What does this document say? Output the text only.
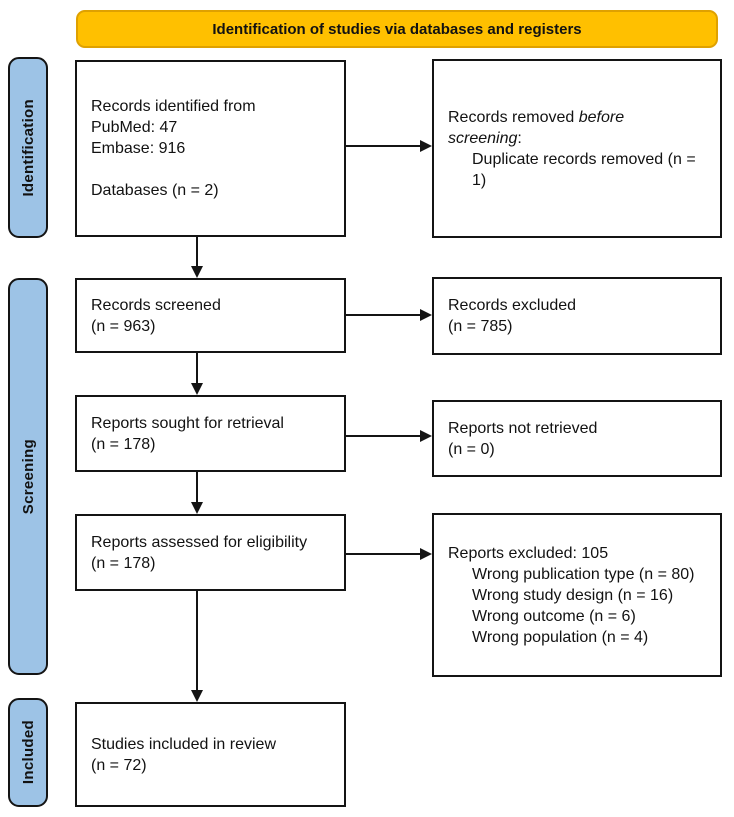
Identification of studies via databases and registers
Identification
Screening
Included
Records identified from
PubMed: 47
Embase: 916
Databases (n = 2)
Records removed before
screening:
Duplicate records removed (n =
1)
Records screened
(n = 963)
Records excluded
(n = 785)
Reports sought for retrieval
(n = 178)
Reports not retrieved
(n = 0)
Reports assessed for eligibility
(n = 178)
Reports excluded: 105
Wrong publication type (n = 80)
Wrong study design (n = 16)
Wrong outcome (n = 6)
Wrong population (n = 4)
Studies included in review
(n = 72)
